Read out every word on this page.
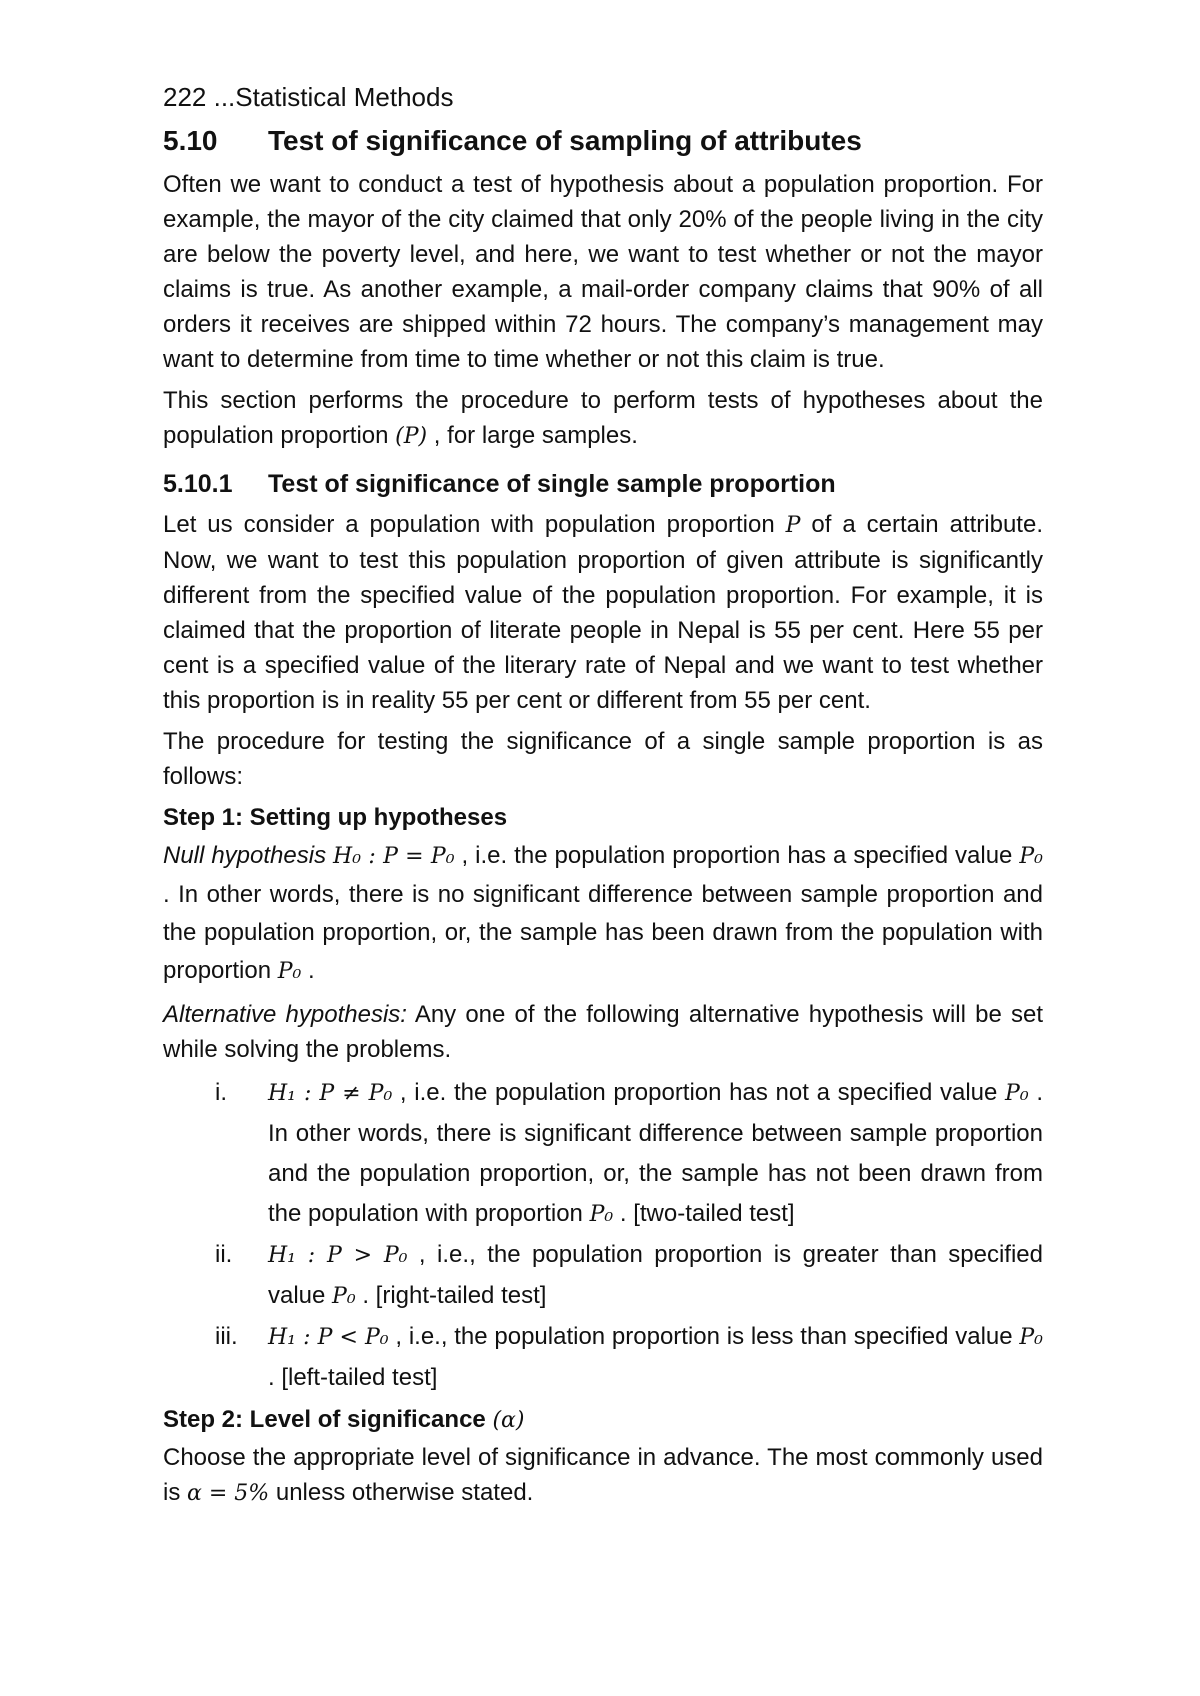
222 ...Statistical Methods
5.10	Test of significance of sampling of attributes

Often we want to conduct a test of hypothesis about a population proportion. For example, the mayor of the city claimed that only 20% of the people living in the city are below the poverty level, and here, we want to test whether or not the mayor claims is true. As another example, a mail-order company claims that 90% of all orders it receives are shipped within 72 hours. The company’s management may want to determine from time to time whether or not this claim is true.

This section performs the procedure to perform tests of hypotheses about the population proportion (P) , for large samples.

5.10.1	Test of significance of single sample proportion

Let us consider a population with population proportion P of a certain attribute. Now, we want to test this population proportion of given attribute is significantly different from the specified value of the population proportion. For example, it is claimed that the proportion of literate people in Nepal is 55 per cent. Here 55 per cent is a specified value of the literary rate of Nepal and we want to test whether this proportion is in reality 55 per cent or different from 55 per cent.

The procedure for testing the significance of a single sample proportion is as follows:

Step 1: Setting up hypotheses

Null hypothesis H₀ : P = P₀ , i.e. the population proportion has a specified value P₀ . In other words, there is no significant difference between sample proportion and the population proportion, or, the sample has been drawn from the population with proportion P₀ .

Alternative hypothesis: Any one of the following alternative hypothesis will be set while solving the problems.

i.	H₁ : P ≠ P₀ , i.e. the population proportion has not a specified value P₀ . In other words, there is significant difference between sample proportion and the population proportion, or, the sample has not been drawn from the population with proportion P₀ . [two-tailed test]
ii.	H₁ : P > P₀ , i.e., the population proportion is greater than specified value P₀ . [right-tailed test]
iii.	H₁ : P < P₀ , i.e., the population proportion is less than specified value P₀ . [left-tailed test]
Step 2: Level of significance (α)

Choose the appropriate level of significance in advance. The most commonly used is α = 5% unless otherwise stated.
